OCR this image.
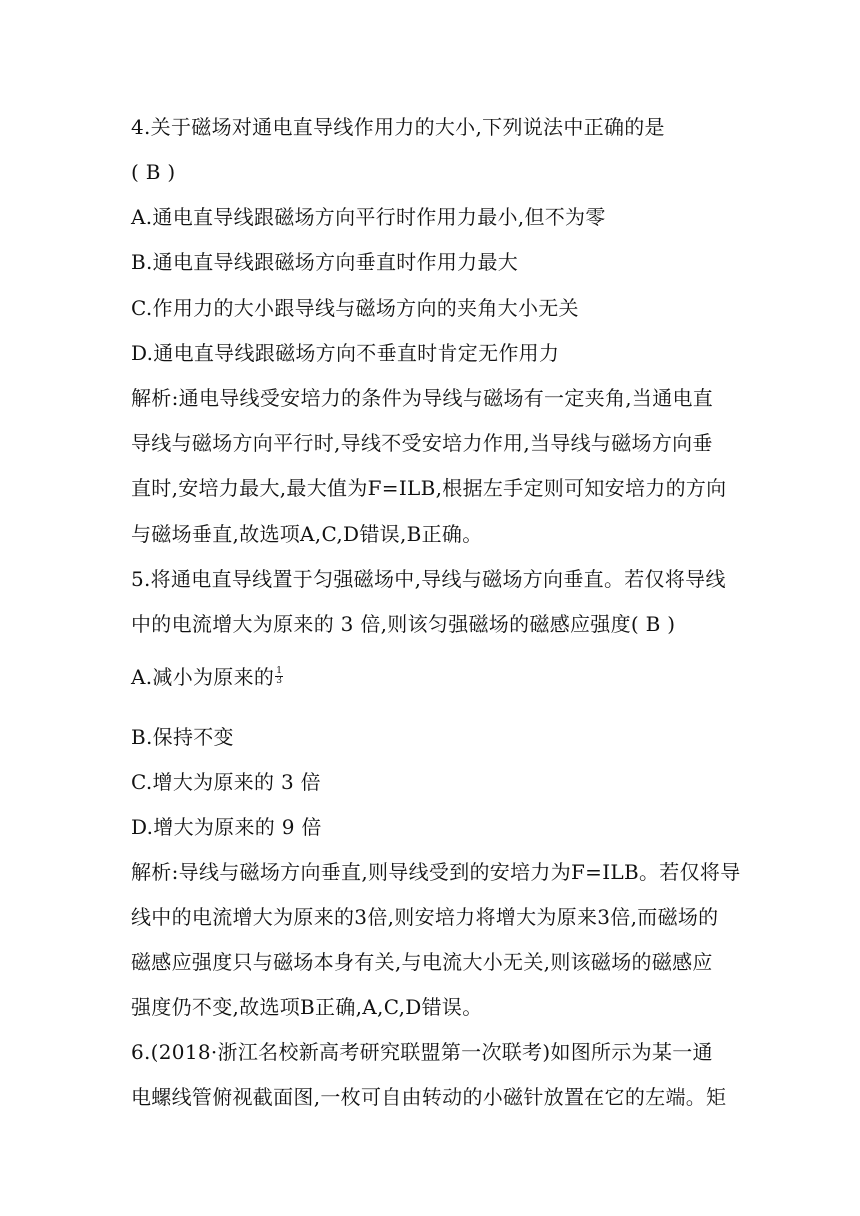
4.关于磁场对通电直导线作用力的大小,下列说法中正确的是
( B )
A.通电直导线跟磁场方向平行时作用力最小,但不为零
B.通电直导线跟磁场方向垂直时作用力最大
C.作用力的大小跟导线与磁场方向的夹角大小无关
D.通电直导线跟磁场方向不垂直时肯定无作用力
解析:通电导线受安培力的条件为导线与磁场有一定夹角,当通电直
导线与磁场方向平行时,导线不受安培力作用,当导线与磁场方向垂
直时,安培力最大,最大值为F=ILB,根据左手定则可知安培力的方向
与磁场垂直,故选项A,C,D错误,B正确。
5.将通电直导线置于匀强磁场中,导线与磁场方向垂直。若仅将导线
中的电流增大为原来的 3 倍,则该匀强磁场的磁感应强度( B )
A.减小为原来的 $\frac{1}{3}$
B.保持不变
C.增大为原来的 3 倍
D.增大为原来的 9 倍
解析:导线与磁场方向垂直,则导线受到的安培力为F=ILB。若仅将导
线中的电流增大为原来的3倍,则安培力将增大为原来3倍,而磁场的
磁感应强度只与磁场本身有关,与电流大小无关,则该磁场的磁感应
强度仍不变,故选项B正确,A,C,D错误。
6.(2018·浙江名校新高考研究联盟第一次联考)如图所示为某一通
电螺线管俯视截面图,一枚可自由转动的小磁针放置在它的左端。矩
